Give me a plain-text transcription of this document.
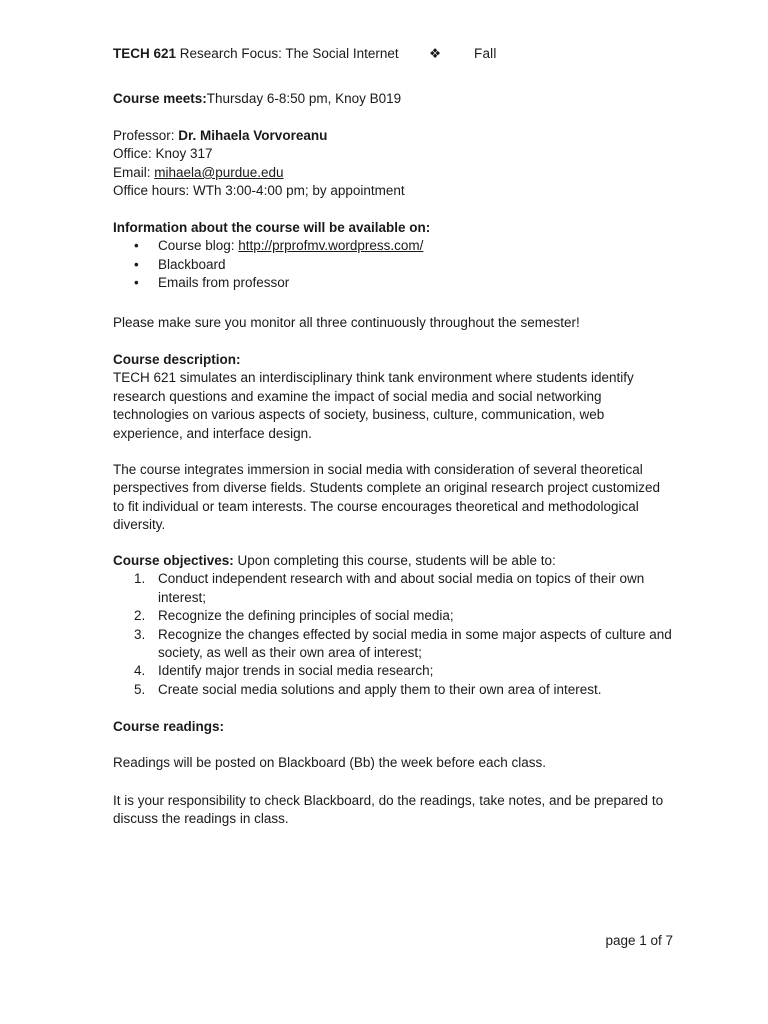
TECH 621 Research Focus: The Social Internet ❖ Fall
Course meets:Thursday 6-8:50 pm, Knoy B019
Professor: Dr. Mihaela Vorvoreanu
Office: Knoy 317
Email: mihaela@purdue.edu
Office hours: WTh 3:00-4:00 pm; by appointment
Information about the course will be available on:
• Course blog: http://prprofmv.wordpress.com/
• Blackboard
• Emails from professor
Please make sure you monitor all three continuously throughout the semester!
Course description:
TECH 621 simulates an interdisciplinary think tank environment where students identify research questions and examine the impact of social media and social networking technologies on various aspects of society, business, culture, communication, web experience, and interface design.
The course integrates immersion in social media with consideration of several theoretical perspectives from diverse fields. Students complete an original research project customized to fit individual or team interests. The course encourages theoretical and methodological diversity.
Course objectives: Upon completing this course, students will be able to:
1. Conduct independent research with and about social media on topics of their own interest;
2. Recognize the defining principles of social media;
3. Recognize the changes effected by social media in some major aspects of culture and society, as well as their own area of interest;
4. Identify major trends in social media research;
5. Create social media solutions and apply them to their own area of interest.
Course readings:
Readings will be posted on Blackboard (Bb) the week before each class.
It is your responsibility to check Blackboard, do the readings, take notes, and be prepared to discuss the readings in class.
page 1 of 7
